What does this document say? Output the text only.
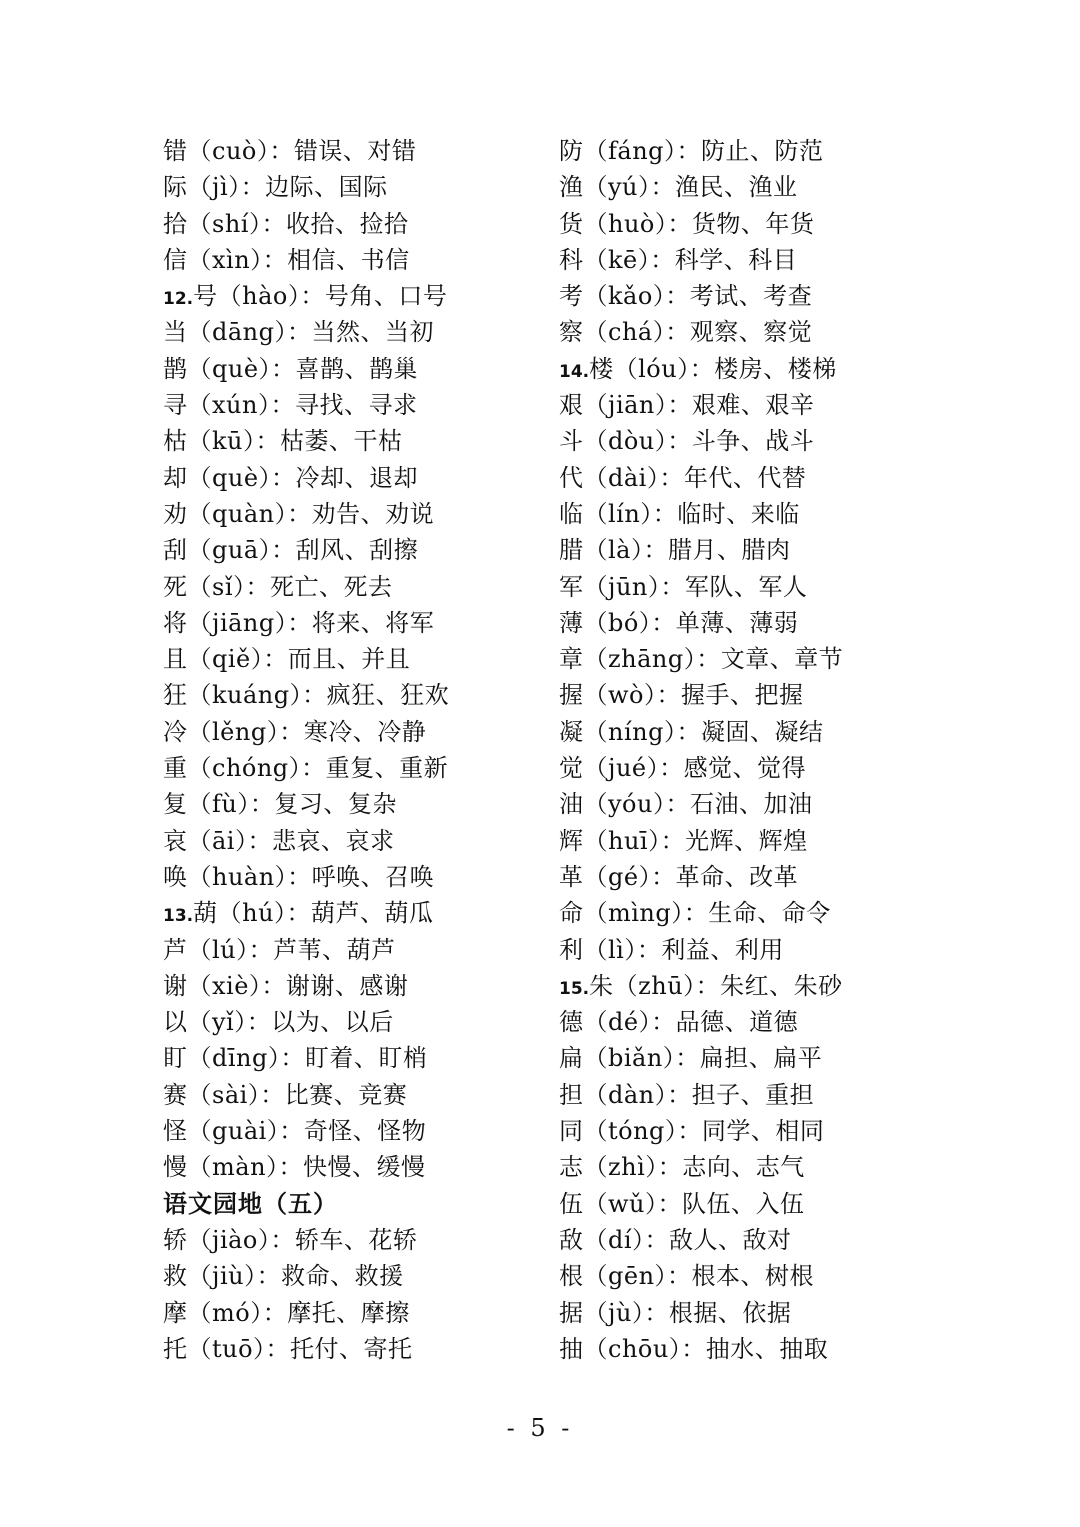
错（cuò）：错误、对错
际（jì）：边际、国际
拾（shí）：收拾、捡拾
信（xìn）：相信、书信
12.号（hào）：号角、口号
当（dāng）：当然、当初
鹊（què）：喜鹊、鹊巢
寻（xún）：寻找、寻求
枯（kū）：枯萎、干枯
却（què）：冷却、退却
劝（quàn）：劝告、劝说
刮（guā）：刮风、刮擦
死（sǐ）：死亡、死去
将（jiāng）：将来、将军
且（qiě）：而且、并且
狂（kuáng）：疯狂、狂欢
冷（lěng）：寒冷、冷静
重（chóng）：重复、重新
复（fù）：复习、复杂
哀（āi）：悲哀、哀求
唤（huàn）：呼唤、召唤
13.葫（hú）：葫芦、葫瓜
芦（lú）：芦苇、葫芦
谢（xiè）：谢谢、感谢
以（yǐ）：以为、以后
盯（dīng）：盯着、盯梢
赛（sài）：比赛、竞赛
怪（guài）：奇怪、怪物
慢（màn）：快慢、缓慢
语文园地（五）
轿（jiào）：轿车、花轿
救（jiù）：救命、救援
摩（mó）：摩托、摩擦
托（tuō）：托付、寄托
防（fáng）：防止、防范
渔（yú）：渔民、渔业
货（huò）：货物、年货
科（kē）：科学、科目
考（kǎo）：考试、考查
察（chá）：观察、察觉
14.楼（lóu）：楼房、楼梯
艰（jiān）：艰难、艰辛
斗（dòu）：斗争、战斗
代（dài）：年代、代替
临（lín）：临时、来临
腊（là）：腊月、腊肉
军（jūn）：军队、军人
薄（bó）：单薄、薄弱
章（zhāng）：文章、章节
握（wò）：握手、把握
凝（níng）：凝固、凝结
觉（jué）：感觉、觉得
油（yóu）：石油、加油
辉（huī）：光辉、辉煌
革（gé）：革命、改革
命（mìng）：生命、命令
利（lì）：利益、利用
15.朱（zhū）：朱红、朱砂
德（dé）：品德、道德
扁（biǎn）：扁担、扁平
担（dàn）：担子、重担
同（tóng）：同学、相同
志（zhì）：志向、志气
伍（wǔ）：队伍、入伍
敌（dí）：敌人、敌对
根（gēn）：根本、树根
据（jù）：根据、依据
抽（chōu）：抽水、抽取
- 5 -
